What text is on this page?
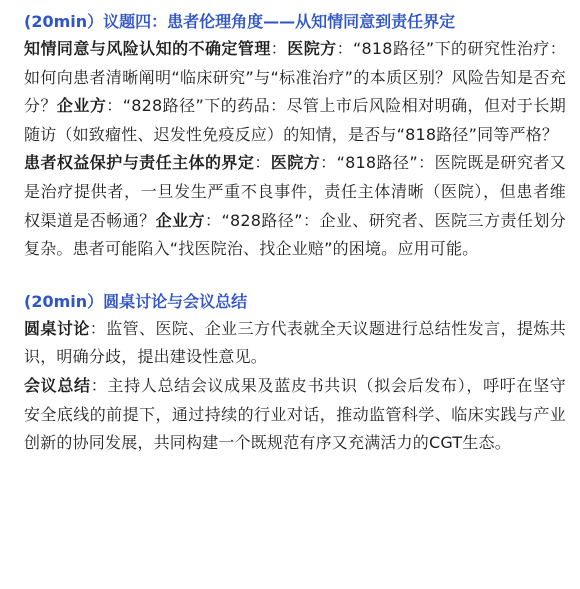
(20min）议题四：患者伦理角度——从知情同意到责任界定

知情同意与风险认知的不确定管理：医院方：“818路径”下的研究性治疗：如何向患者清晰阐明“临床研究”与“标准治疗”的本质区别？风险告知是否充分？企业方：“828路径”下的药品：尽管上市后风险相对明确，但对于长期随访（如致瘤性、迟发性免疫反应）的知情，是否与“818路径”同等严格？

患者权益保护与责任主体的界定：医院方：“818路径”：医院既是研究者又是治疗提供者，一旦发生严重不良事件，责任主体清晰（医院），但患者维权渠道是否畅通？企业方：“828路径”：企业、研究者、医院三方责任划分复杂。患者可能陷入“找医院治、找企业赔”的困境。应用可能。

(20min）圆桌讨论与会议总结

圆桌讨论：监管、医院、企业三方代表就全天议题进行总结性发言，提炼共识，明确分歧，提出建设性意见。

会议总结：主持人总结会议成果及蓝皮书共识（拟会后发布），呼吁在坚守安全底线的前提下，通过持续的行业对话，推动监管科学、临床实践与产业创新的协同发展，共同构建一个既规范有序又充满活力的CGT生态。
